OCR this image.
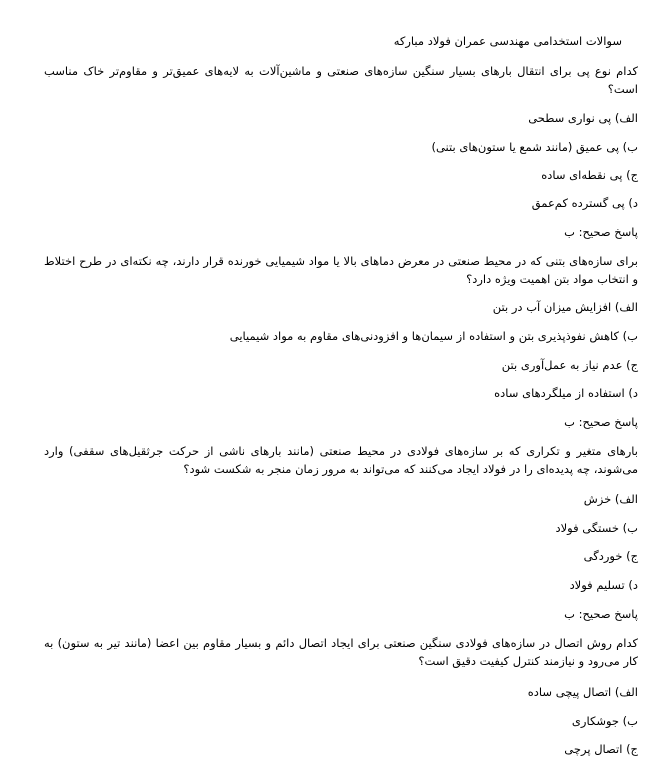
سوالات استخدامی مهندسی عمران فولاد مبارکه
کدام نوع پی برای انتقال بارهای بسیار سنگین سازه‌های صنعتی و ماشین‌آلات به لایه‌های عمیق‌تر و مقاوم‌تر خاک مناسب است؟
الف) پی نواری سطحی
ب) پی عمیق (مانند شمع یا ستون‌های بتنی)
ج) پی نقطه‌ای ساده
د) پی گسترده کم‌عمق
پاسخ صحیح: ب
برای سازه‌های بتنی که در محیط صنعتی در معرض دماهای بالا یا مواد شیمیایی خورنده قرار دارند، چه نکته‌ای در طرح اختلاط و انتخاب مواد بتن اهمیت ویژه دارد؟
الف) افزایش میزان آب در بتن
ب) کاهش نفوذپذیری بتن و استفاده از سیمان‌ها و افزودنی‌های مقاوم به مواد شیمیایی
ج) عدم نیاز به عمل‌آوری بتن
د) استفاده از میلگردهای ساده
پاسخ صحیح: ب
بارهای متغیر و تکراری که بر سازه‌های فولادی در محیط صنعتی (مانند بارهای ناشی از حرکت جرثقیل‌های سقفی) وارد می‌شوند، چه پدیده‌ای را در فولاد ایجاد می‌کنند که می‌تواند به مرور زمان منجر به شکست شود؟
الف) خزش
ب) خستگی فولاد
ج) خوردگی
د) تسلیم فولاد
پاسخ صحیح: ب
کدام روش اتصال در سازه‌های فولادی سنگین صنعتی برای ایجاد اتصال دائم و بسیار مقاوم بین اعضا (مانند تیر به ستون) به کار می‌رود و نیازمند کنترل کیفیت دقیق است؟
الف) اتصال پیچی ساده
ب) جوشکاری
ج) اتصال پرچی
